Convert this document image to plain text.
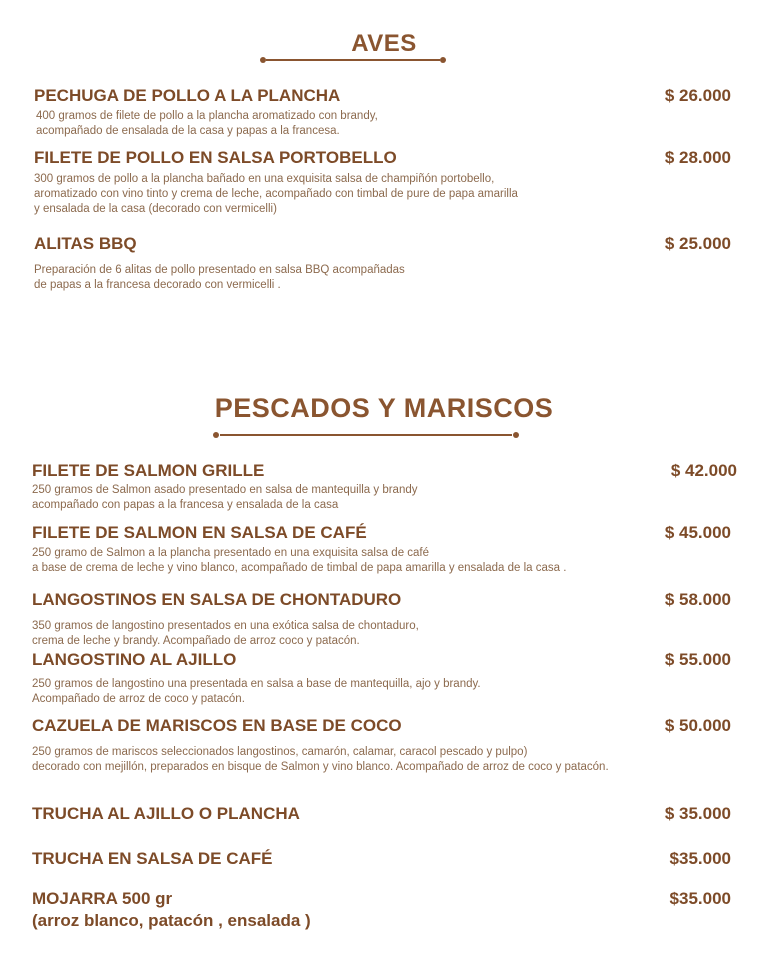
AVES
PECHUGA DE POLLO A LA PLANCHA	$ 26.000
400 gramos de filete de pollo a la plancha aromatizado con brandy,
acompañado de ensalada de la casa y papas a la francesa.
FILETE DE POLLO EN SALSA PORTOBELLO	$ 28.000
300 gramos de pollo a la plancha bañado en una exquisita salsa de champiñón portobello,
aromatizado con vino tinto y crema de leche, acompañado con timbal de pure de papa amarilla
y ensalada de la casa (decorado con vermicelli)
ALITAS BBQ	$ 25.000
Preparación de 6 alitas de pollo presentado en salsa BBQ acompañadas
de papas a la francesa decorado con vermicelli .
PESCADOS Y MARISCOS
FILETE DE SALMON GRILLE	$ 42.000
250 gramos de Salmon asado presentado en salsa de mantequilla y brandy
acompañado con papas a la francesa y ensalada de la casa
FILETE DE SALMON EN SALSA DE CAFÉ	$ 45.000
250 gramo de Salmon a la plancha presentado en una exquisita salsa de café
a base de crema de leche y vino blanco, acompañado de timbal de papa amarilla y ensalada de la casa .
LANGOSTINOS EN SALSA DE CHONTADURO	$ 58.000
350 gramos de langostino presentados en una exótica salsa de chontaduro,
crema de leche y brandy. Acompañado de arroz coco y patacón.
LANGOSTINO AL AJILLO	$ 55.000
250 gramos de langostino una presentada en salsa a base de mantequilla, ajo y brandy.
Acompañado de arroz de coco y patacón.
CAZUELA DE MARISCOS EN BASE DE COCO	$ 50.000
250 gramos de mariscos seleccionados langostinos, camarón, calamar, caracol pescado y pulpo)
decorado con mejillón, preparados en bisque de Salmon y vino blanco. Acompañado de arroz de coco y patacón.
TRUCHA AL AJILLO O PLANCHA	$ 35.000
TRUCHA EN SALSA DE CAFÉ	$35.000
MOJARRA 500 gr	$35.000
(arroz blanco, patacón , ensalada )
